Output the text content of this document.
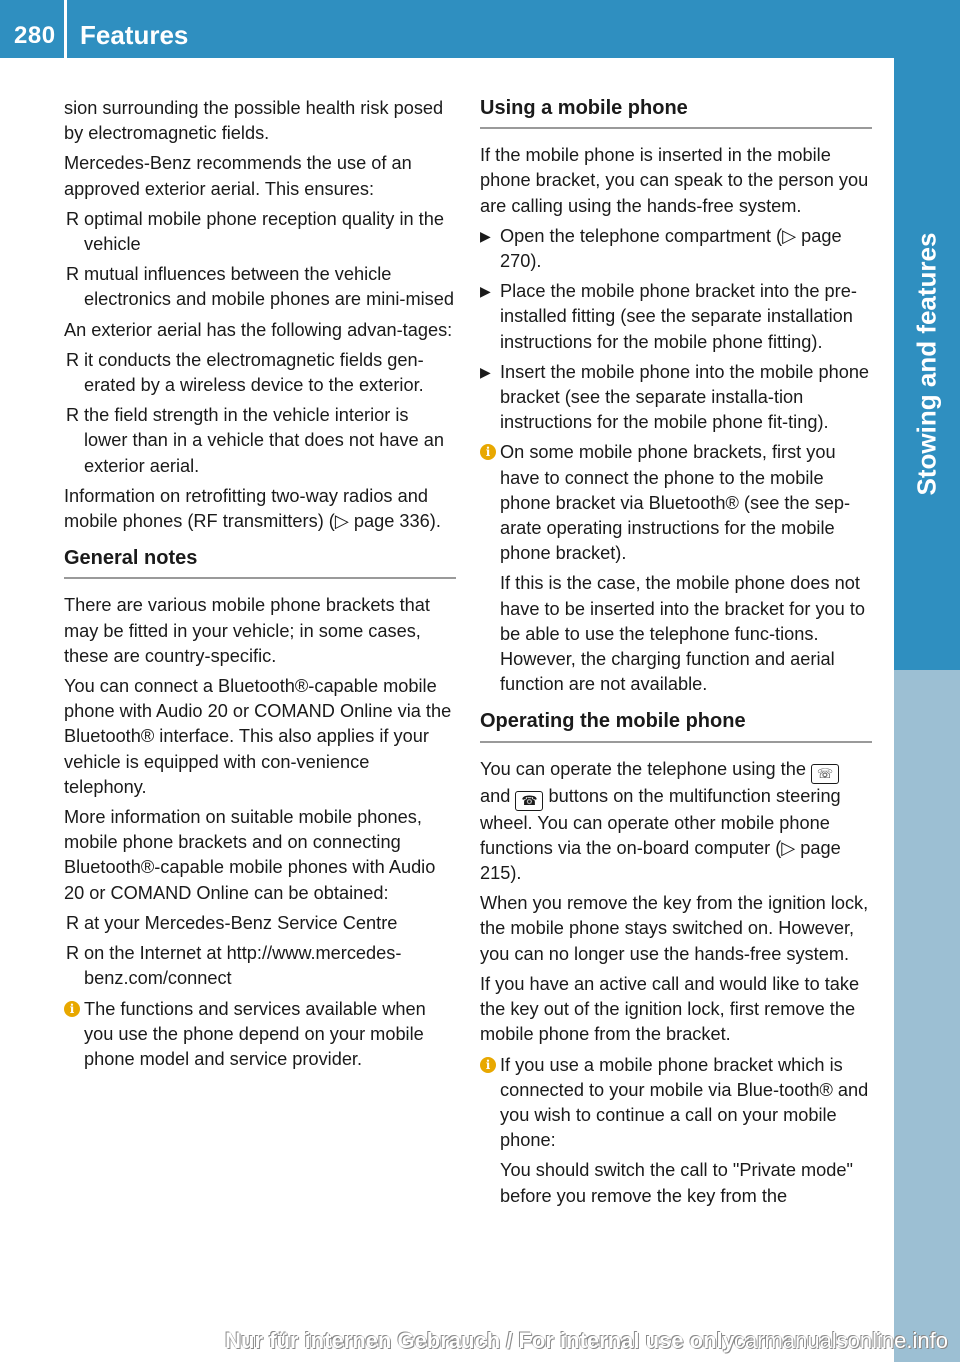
280 Features
Stowing and features

sion surrounding the possible health risk posed by electromagnetic fields.

Mercedes-Benz recommends the use of an approved exterior aerial. This ensures:

R optimal mobile phone reception quality in the vehicle
R mutual influences between the vehicle electronics and mobile phones are mini-mised

An exterior aerial has the following advan-tages:

R it conducts the electromagnetic fields gen-erated by a wireless device to the exterior.
R the field strength in the vehicle interior is lower than in a vehicle that does not have an exterior aerial.

Information on retrofitting two-way radios and mobile phones (RF transmitters) (▷ page 336).

General notes

There are various mobile phone brackets that may be fitted in your vehicle; in some cases, these are country-specific.

You can connect a Bluetooth®-capable mobile phone with Audio 20 or COMAND Online via the Bluetooth® interface. This also applies if your vehicle is equipped with con-venience telephony.

More information on suitable mobile phones, mobile phone brackets and on connecting Bluetooth®-capable mobile phones with Audio 20 or COMAND Online can be obtained:

R at your Mercedes-Benz Service Centre
R on the Internet at http://www.mercedes-benz.com/connect
i The functions and services available when you use the phone depend on your mobile phone model and service provider.
Using a mobile phone

If the mobile phone is inserted in the mobile phone bracket, you can speak to the person you are calling using the hands-free system.

▶ Open the telephone compartment (▷ page 270).
▶ Place the mobile phone bracket into the pre-installed fitting (see the separate installation instructions for the mobile phone fitting).
▶ Insert the mobile phone into the mobile phone bracket (see the separate installa-tion instructions for the mobile phone fit-ting).
i On some mobile phone brackets, first you have to connect the phone to the mobile phone bracket via Bluetooth® (see the sep-arate operating instructions for the mobile phone bracket).

If this is the case, the mobile phone does not have to be inserted into the bracket for you to be able to use the telephone func-tions. However, the charging function and aerial function are not available.

Operating the mobile phone

You can operate the telephone using the ☏ and ☎ buttons on the multifunction steering wheel. You can operate other mobile phone functions via the on-board computer (▷ page 215).

When you remove the key from the ignition lock, the mobile phone stays switched on. However, you can no longer use the hands-free system.

If you have an active call and would like to take the key out of the ignition lock, first remove the mobile phone from the bracket.

i If you use a mobile phone bracket which is connected to your mobile via Blue-tooth® and you wish to continue a call on your mobile phone:

You should switch the call to "Private mode" before you remove the key from the

Nur für internen Gebrauch / For internal use only carmanualsonline.info
